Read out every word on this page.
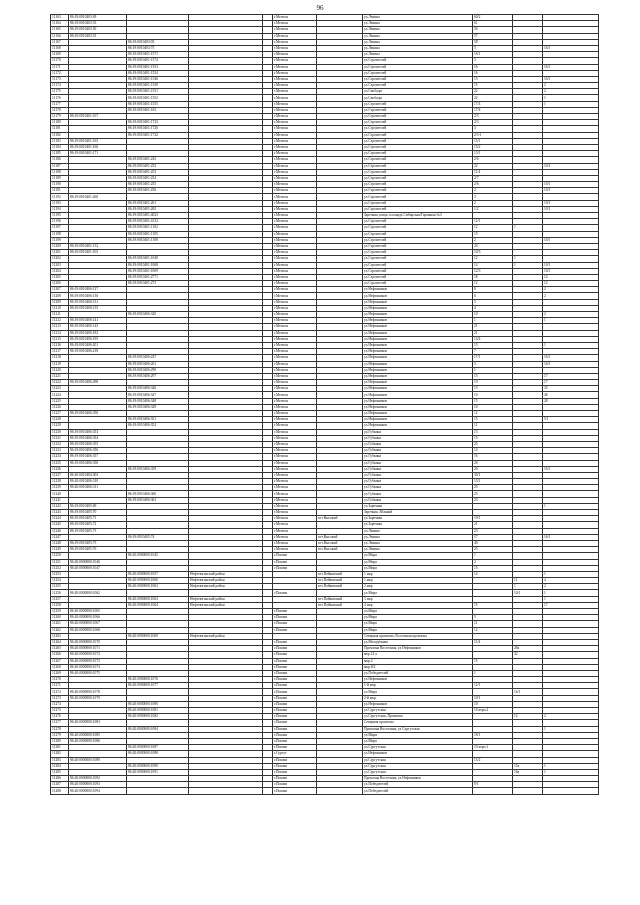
96
11163	86:19:0010403:49				г.Мегион		ул.Ленина	60/2		
11164	86:19:0010403:53				г.Мегион		ул.Ленина	61		
11165	86:19:0010403:50				г.Мегион		ул.Ленина	56		
11166	86:19:0010403:51				г.Мегион		ул.Ленина	57		
11167		86:19:0010403:93			г.Мегион		ул.Ленина	58		
11168		86:19:0010403:75			г.Мегион		ул.Ленина	5		16/1
11169		86:19:0010401:1571			г.Мегион		ул.Ленина	16/1		
11170		86:19:0010401:1574			г.Мегион		ул.Строителей	3		
11171		86:19:0010401:1553			г.Мегион		ул.Строителей	16		16/1
11172		86:19:0010401:1554			г.Мегион		ул.Строителей	16		
11173		86:19:0010401:1546			г.Мегион		ул.Строителей	15		16/1
11174		86:19:0010401:1549			г.Мегион		ул.Строителей	15		2
11175		86:19:0010401:1551			г.Мегион		ул.Свободы	22		2
11176		86:19:0010401:1552			г.Мегион		ул.Свободы	22		1
11177		86:19:0010401:1555			г.Мегион		ул.Строителей	17/4		1
11178		86:19:0010401:163			г.Мегион		ул.Строителей	17/4		
11179	86:19:0010401:167				г.Мегион		ул.Строителей	2/3		
11180		86:19:0010401:1723			г.Мегион		ул.Строителей	2/3		
11181		86:19:0010401:1726			г.Мегион		ул.Строителей	3		
11182		86:19:0010401:1732			г.Мегион		ул.Строителей	2/3-1		
11183	86:19:0010401:165				г.Мегион		ул.Строителей	15/1		
11184	86:19:0010401:166				г.Мегион		ул.Строителей	15/2		
11185	86:19:0010401:171				г.Мегион		ул.Строителей	13/1		
11186		86:19:0010401:245			г.Мегион		ул.Строителей	2/6		
11187		86:19:0010401:252			г.Мегион		ул.Строителей	22		10/1
11188		86:19:0010401:253			г.Мегион		ул.Строителей	11/4		
11189		86:19:0010401:254			г.Мегион		ул.Строителей	2/7		
11190		86:19:0010401:255			г.Мегион		ул.Строителей	2/6		10/1
11191		86:19:0010401:256			г.Мегион		ул.Строителей	2		10/1
11192	86:19:0010401:260				г.Мегион		ул.Строителей	3		
11193		86:19:0010401:261			г.Мегион		ул.Строителей	2		10/1
11194		86:19:0010401:265			г.Мегион		ул.Строителей	1/2		10/1
11195		86:19:0010401:4023			г.Мегион		Заречная улица, площадь Сибирская/Гаражная №3			
11196		86:19:0010401:4132			г.Мегион		ул.Строителей	12/1		
11197		86:19:0010401:1102			г.Мегион		ул.Строителей	12	1	
11198		86:19:0010401:1105			г.Мегион		ул.Строителей	15		
11199		86:19:0010401:1108			г.Мегион		ул.Строителей	2		10/1
11200	86:19:0010401:132				г.Мегион		ул.Строителей	24		
11201	86:19:0010401:105				г.Мегион		ул.Строителей	10/3		
11202		86:19:0010401:1040			г.Мегион		ул.Строителей	12	1	
11203		86:19:0010401:1068			г.Мегион		ул.Строителей	14	1	10/1
11204		86:19:0010401:1069			г.Мегион		ул.Строителей	12/3		10/1
11205		86:19:0010401:2771			г.Мегион		ул.Строителей	18		12
11206		86:19:0010401:273			г.Мегион		ул.Строителей	12		12
11207	86:19:0010406:127				г.Мегион		ул.Нефтяников	8		2
11208	86:19:0010406:130				г.Мегион		ул.Нефтяников	6		2
11209	86:19:0010406:131				г.Мегион		ул.Нефтяников	5		
11210	86:19:0010406:135				г.Мегион		ул.Нефтяников	4		
11211		86:19:0010406:320			г.Мегион		ул.Нефтяников	10		2
11212	86:19:0010406:141				г.Мегион		ул.Нефтяников	1		1
11213	86:19:0010406:145				г.Мегион		ул.Нефтяников	21		
11214	86:19:0010406:182				г.Мегион		ул.Нефтяников	21		
11215	86:19:0010406:195				г.Мегион		ул.Нефтяников	14/4		
11216	86:19:0010406:201				г.Мегион		ул.Нефтяников	15		1
11217	86:19:0010406:218				г.Мегион		ул.Нефтяников	7		
11218		86:19:0010406:247			г.Мегион		ул.Нефтяников	17/1		16/1
11219		86:19:0010406:261			г.Мегион		ул.Нефтяников	3		16/1
11220		86:19:0010406:290			г.Мегион		ул.Нефтяников	1		
11221		86:19:0010406:297			г.Мегион		ул.Нефтяников	15		17
11222	86:19:0010406:298				г.Мегион		ул.Нефтяников	10		17
11223		86:19:0010406:346			г.Мегион		ул.Нефтяников	15		33
11224		86:19:0010406:347			г.Мегион		ул.Нефтяников	10		48
11225		86:19:0010406:348			г.Мегион		ул.Нефтяников	15		28
11226		86:19:0010406:349			г.Мегион		ул.Нефтяников	10		
11227	86:19:0010406:350				г.Мегион		ул.Нефтяников	12		
11228		86:19:0010406:351			г.Мегион		ул.Нефтяников	15		5/1
11229		86:19:0010406:352			г.Мегион		ул.Нефтяников	11		
11230	86:19:0010406:353				г.Мегион		ул.Губкина	13		
11231	86:19:0010406:354				г.Мегион		ул.Губкина	15		
11232	86:19:0010406:355				г.Мегион		ул.Губкина	25		
11233	86:19:0010406:356				г.Мегион		ул.Губкина	14		
11234	86:19:0010406:357				г.Мегион		ул.Губкина	16		
11235	86:19:0010406:358				г.Мегион		ул.Губкина	20		
11236		86:19:0010406:359			г.Мегион		ул.Губкина	20		16/1
11237	86:20:0010404:304				г.Мегион		ул.Губкина	30/1		
11238	86:20:0010406:310				г.Мегион		ул.Губкина	13/1		
11239	86:20:0010406:311				г.Мегион		ул.Губкина	25		
11240		86:19:0010406:360			г.Мегион		ул.Губкина	25		
11241		86:19:0010406:361			г.Мегион		ул.Губкина	23		
11242	86:19:0010405:69				г.Мегион		ул.Заречная			1
11243	86:19:0010405:70				г.Мегион		Заречная, Южный			
11244	86:19:0010405:71				г.Мегион	пгт.Высокий	ул.Заречная	19/1		
11245	86:19:0010405:72				г.Мегион		ул.Заречная	21		
11246	86:19:0010405:73				г.Мегион		ул.Ленина	23		
11247		86:19:0010405:74			г.Мегион	пгт.Высокий	ул.Ленина	17		16/1
11248	86:19:0010405:75				г.Мегион	пгт.Высокий	ул.Ленина	40		
11249	86:19:0010405:76				г.Мегион	пгт.Высокий	ул.Ленина	25		
11250		86:20:0000000:1045			г.Покачи		ул.Мира	1		
11251	86:20:0000000:1046				г.Покачи		ул.Мира	2		
11252	86:20:0000000:1047				г.Покачи		ул.Мира	15		
11253		86:20:0000000:1057	Нефтеюганский район			пгт.Пойковский	1 мкр	14		1
11254		86:20:0000000:1060	Нефтеюганский район			пгт.Пойковский	1 мкр		11	4
11255		86:20:0000000:1061	Нефтеюганский район			пгт.Пойковский	2 мкр		1	2
11256	86:20:0000000:1062				г.Покачи		ул.Мира		10/1	1
11257		86:20:0000000:1063	Нефтеюганский район			пгт.Пойковский	3 мкр			1
11258		86:20:0000000:1064	Нефтеюганский район			пгт.Пойковский	4 мкр	15		17
11259	86:20:0000000:1065				г.Покачи		ул.Мира			
11260	86:20:0000000:1066				г.Покачи		ул.Мира	5		
11261	86:20:0000000:1067				г.Покачи		ул.Мира	11		
11262	86:20:0000000:1068				г.Покачи		ул.Мира	12		
11263		86:20:0000000:1069	Нефтеюганский район				Северная промзона, Восточная промзона			
11264	86:20:0000000:1070				г.Покачи		ул.Молодёжная	11/4		
11265	86:20:0000000:1071				г.Покачи		Промзона Восточная, ул.Нефтяников		28а	
11266	86:20:0000000:1072				г.Покачи		мкр.12 а		32	
11267	86:20:0000000:1073				г.Покачи		мкр.2	15		
11268	86:20:0000000:1074				г.Покачи		мкр.8/2			
11269	86:20:0000000:1075				г.Покачи		ул.Победителей	1		
11270		86:20:0000000:1076			г.Покачи		ул.Нефтяников			
11271		86:20:0000000:1077			г.Покачи		1-й мкр.	12/1		
11272	86:20:0000000:1078				г.Покачи		ул.Мира		16/1	
11273	86:20:0000000:1079				г.Покачи		2-й мкр.	10/1		
11274		86:20:0000000:1080			г.Покачи		ул.Нефтяников	10		
11275		86:20:0000000:1081			г.Покачи		ул.Сургутская	10 корп.2		
11276		86:20:0000000:1082			г.Покачи		ул.Сургутская, Промзона		12	2
11277	86:20:0000000:1083				г.Покачи		Северная промзона			
11278		86:20:0000000:1084			г.Покачи		Промзона Восточная, ул.Сургутская			1
11279	86:20:0000000:1085				г.Покачи		ул.Мира	18/1		
11280	86:20:0000000:1086				г.Покачи		ул.Мира			
11281		86:20:0000000:1087			г.Покачи		ул.Сургутская	10 корп.1		
11282		86:20:0000000:1088			г.Сургут		ул.Нефтяников			
11283	86:20:0000000:1089				г.Покачи		ул.Сургутская	15/2		
11284		86:20:0000000:1090			г.Покачи		ул.Сургутская		15а	1
11285		86:20:0000000:1091			г.Покачи		ул.Сургутская		16а	1
11286	86:20:0000000:1092				г.Покачи		Промзона Восточная, ул.Нефтяников			
11287	86:20:0000000:1093				г.Покачи		ул.Победителей	9/1		
11288	86:20:0000000:1094				г.Покачи		ул.Победителей			
